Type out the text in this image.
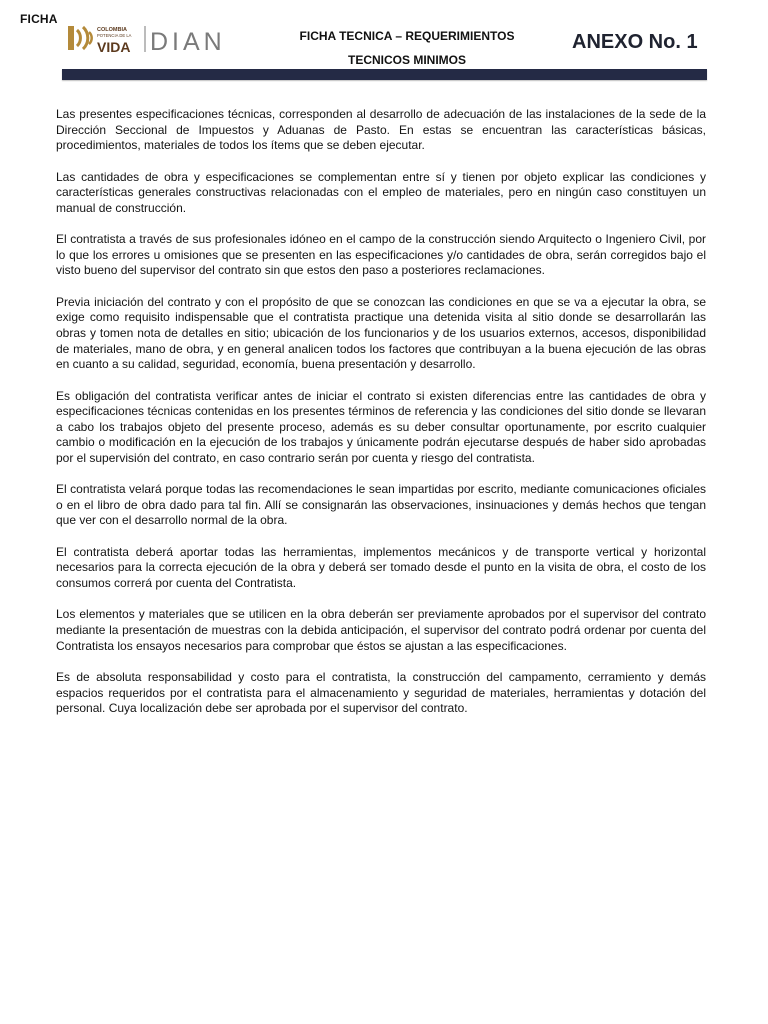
FICHA
COLOMBIA
POTENCIA DE LA
VIDA DIAN	FICHA TECNICA – REQUERIMIENTOS
TECNICOS MINIMOS
ANEXO No. 1

Las presentes especificaciones técnicas, corresponden al desarrollo de adecuación de las instalaciones de la sede de la Dirección Seccional de Impuestos y Aduanas de Pasto. En estas se encuentran las características básicas, procedimientos, materiales de todos los ítems que se deben ejecutar.

Las cantidades de obra y especificaciones se complementan entre sí y tienen por objeto explicar las condiciones y características generales constructivas relacionadas con el empleo de materiales, pero en ningún caso constituyen un manual de construcción.

El contratista a través de sus profesionales idóneo en el campo de la construcción siendo Arquitecto o Ingeniero Civil, por lo que los errores u omisiones que se presenten en las especificaciones y/o cantidades de obra, serán corregidos bajo el visto bueno del supervisor del contrato sin que estos den paso a posteriores reclamaciones.

Previa iniciación del contrato y con el propósito de que se conozcan las condiciones en que se va a ejecutar la obra, se exige como requisito indispensable que el contratista practique una detenida visita al sitio donde se desarrollarán las obras y tomen nota de detalles en sitio; ubicación de los funcionarios y de los usuarios externos, accesos, disponibilidad de materiales, mano de obra, y en general analicen todos los factores que contribuyan a la buena ejecución de las obras en cuanto a su calidad, seguridad, economía, buena presentación y desarrollo.

Es obligación del contratista verificar antes de iniciar el contrato si existen diferencias entre las cantidades de obra y especificaciones técnicas contenidas en los presentes términos de referencia y las condiciones del sitio donde se llevaran a cabo los trabajos objeto del presente proceso, además es su deber consultar oportunamente, por escrito cualquier cambio o modificación en la ejecución de los trabajos y únicamente podrán ejecutarse después de haber sido aprobadas por el supervisión del contrato, en caso contrario serán por cuenta y riesgo del contratista.

El contratista velará porque todas las recomendaciones le sean impartidas por escrito, mediante comunicaciones oficiales o en el libro de obra dado para tal fin. Allí se consignarán las observaciones, insinuaciones y demás hechos que tengan que ver con el desarrollo normal de la obra.

El contratista deberá aportar todas las herramientas, implementos mecánicos y de transporte vertical y horizontal necesarios para la correcta ejecución de la obra y deberá ser tomado desde el punto en la visita de obra, el costo de los consumos correrá por cuenta del Contratista.

Los elementos y materiales que se utilicen en la obra deberán ser previamente aprobados por el supervisor del contrato mediante la presentación de muestras con la debida anticipación, el supervisor del contrato podrá ordenar por cuenta del Contratista los ensayos necesarios para comprobar que éstos se ajustan a las especificaciones.

Es de absoluta responsabilidad y costo para el contratista, la construcción del campamento, cerramiento y demás espacios requeridos por el contratista para el almacenamiento y seguridad de materiales, herramientas y dotación del personal. Cuya localización debe ser aprobada por el supervisor del contrato.
